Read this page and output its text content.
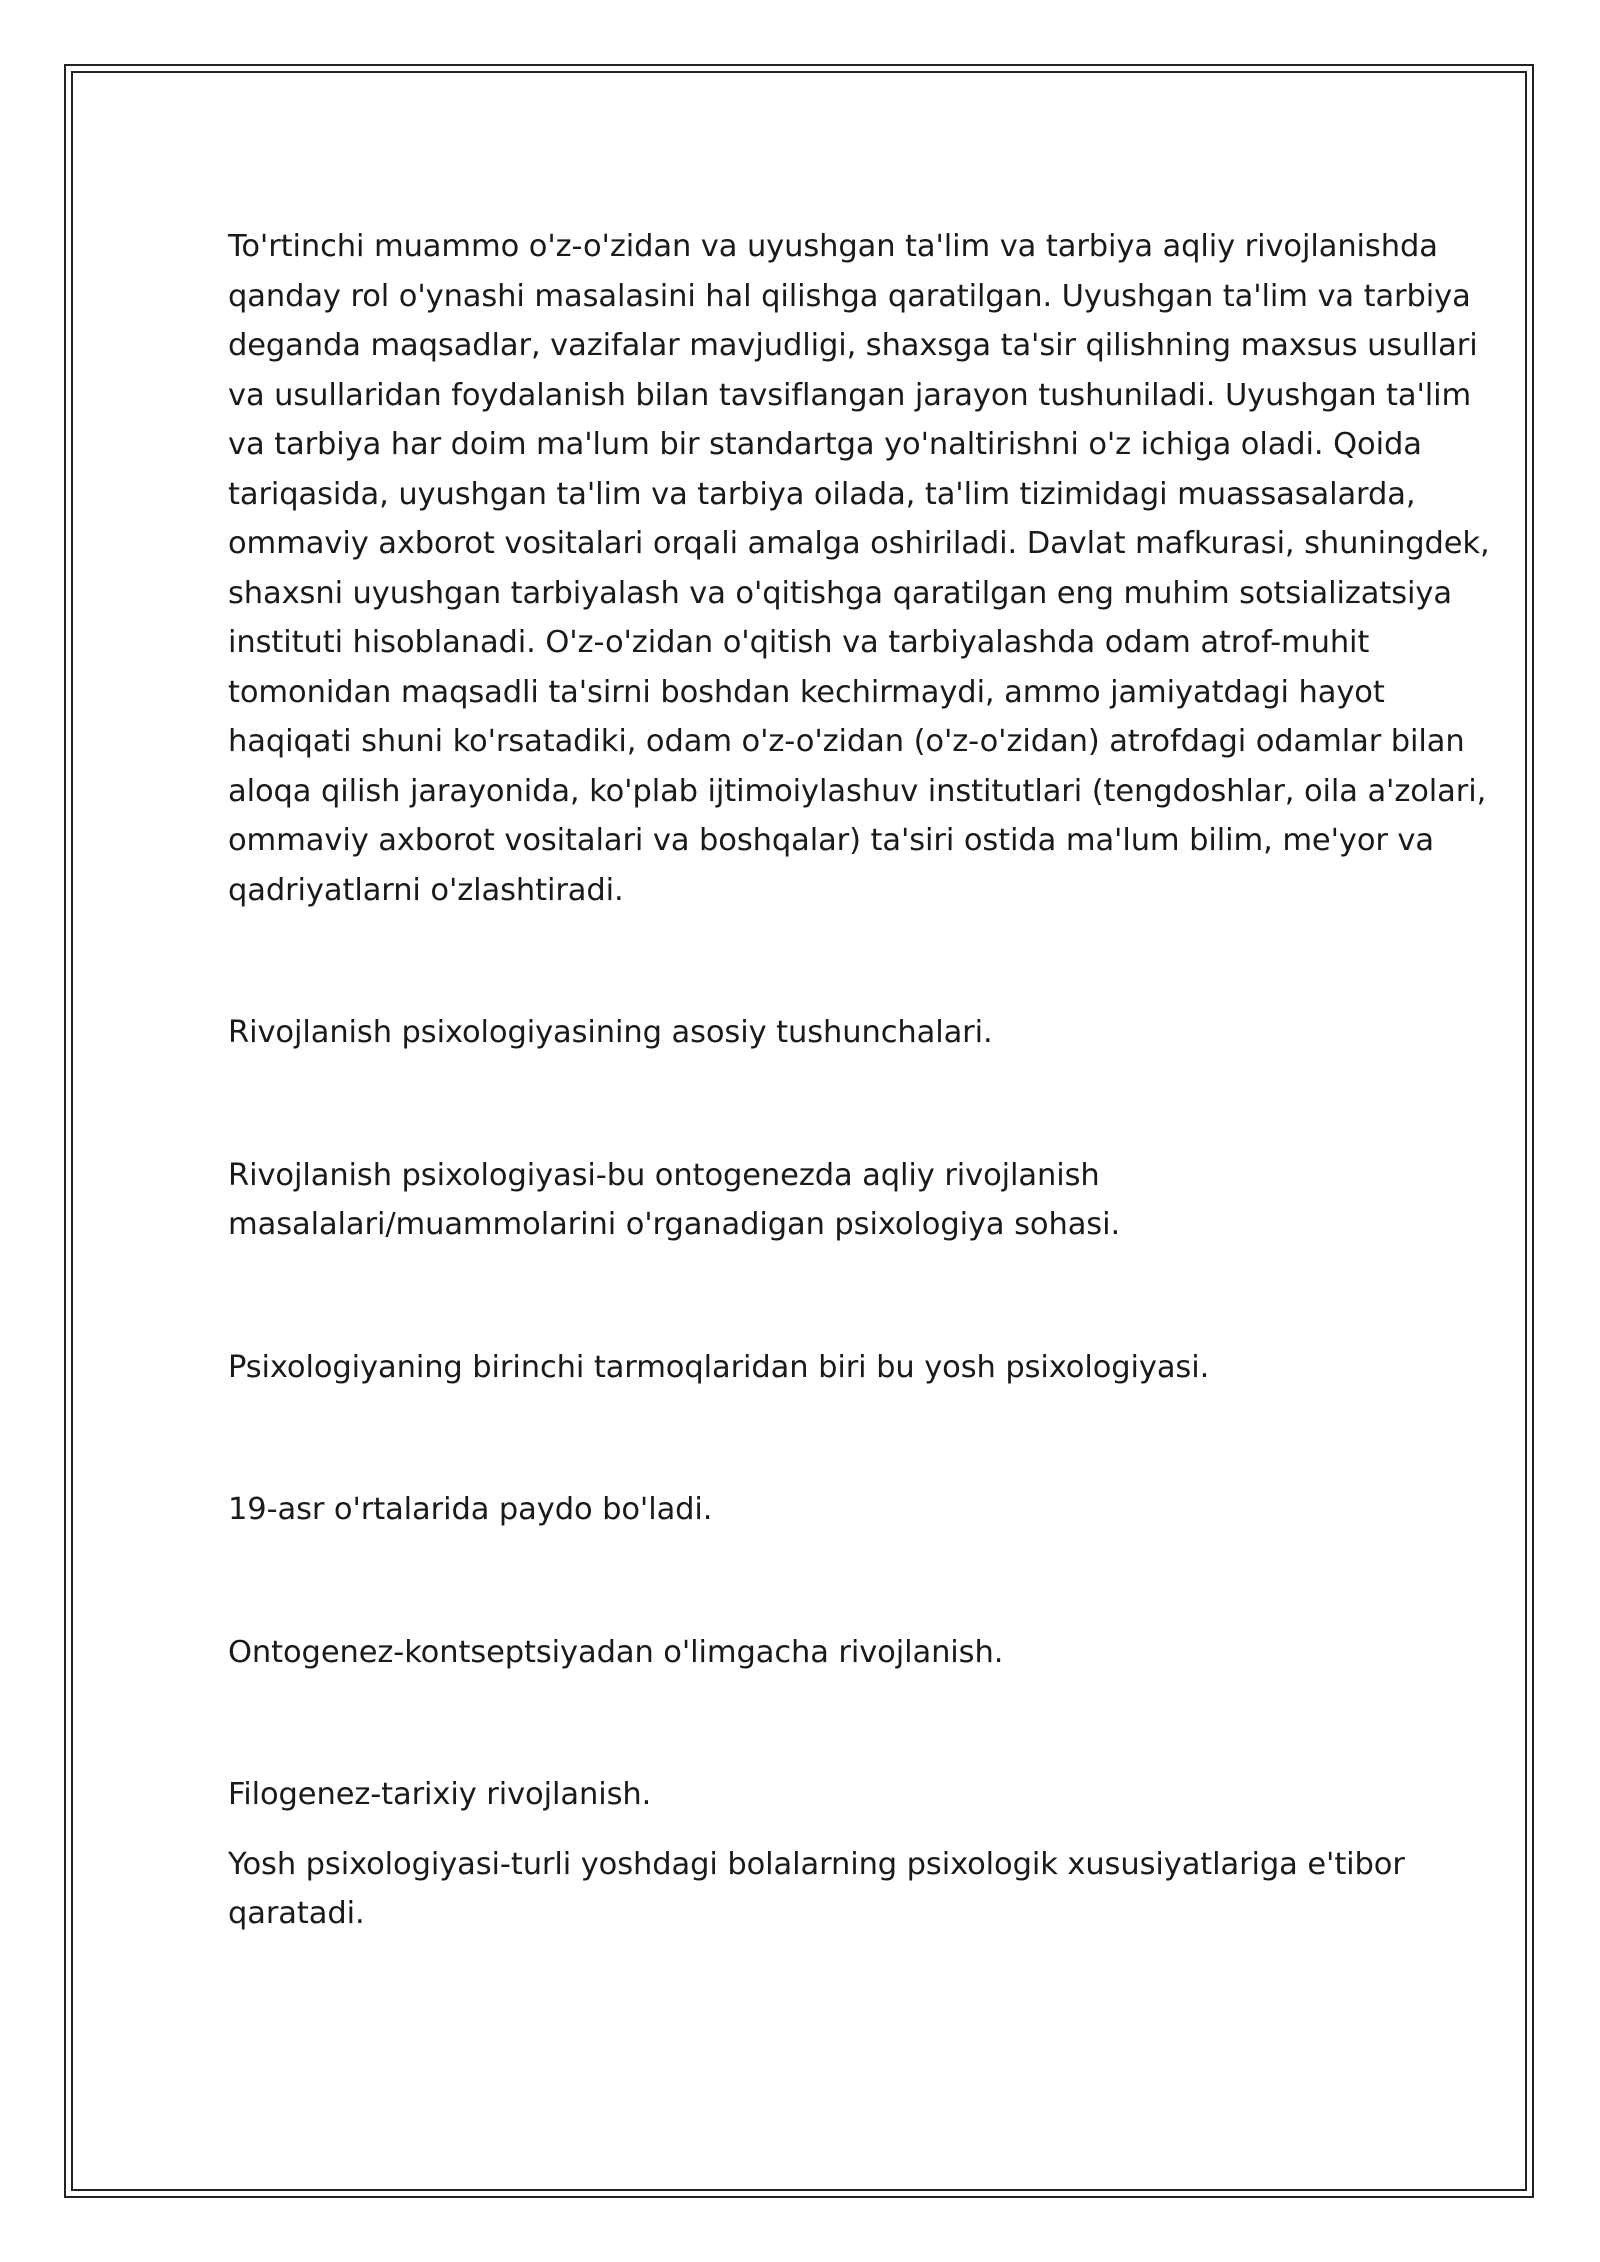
To'rtinchi muammo o'z-o'zidan va uyushgan ta'lim va tarbiya aqliy rivojlanishda qanday rol o'ynashi masalasini hal qilishga qaratilgan. Uyushgan ta'lim va tarbiya deganda maqsadlar, vazifalar mavjudligi, shaxsga ta'sir qilishning maxsus usullari va usullaridan foydalanish bilan tavsiflangan jarayon tushuniladi. Uyushgan ta'lim va tarbiya har doim ma'lum bir standartga yo'naltirishni o'z ichiga oladi. Qoida tariqasida, uyushgan ta'lim va tarbiya oilada, ta'lim tizimidagi muassasalarda, ommaviy axborot vositalari orqali amalga oshiriladi. Davlat mafkurasi, shuningdek, shaxsni uyushgan tarbiyalash va o'qitishga qaratilgan eng muhim sotsializatsiya instituti hisoblanadi. O'z-o'zidan o'qitish va tarbiyalashda odam atrof-muhit tomonidan maqsadli ta'sirni boshdan kechirmaydi, ammo jamiyatdagi hayot haqiqati shuni ko'rsatadiki, odam o'z-o'zidan (o'z-o'zidan) atrofdagi odamlar bilan aloqa qilish jarayonida, ko'plab ijtimoiylashuv institutlari (tengdoshlar, oila a'zolari, ommaviy axborot vositalari va boshqalar) ta'siri ostida ma'lum bilim, me'yor va qadriyatlarni o'zlashtiradi.

Rivojlanish psixologiyasining asosiy tushunchalari.

Rivojlanish psixologiyasi-bu ontogenezda aqliy rivojlanish masalalari/muammolarini o'rganadigan psixologiya sohasi.

Psixologiyaning birinchi tarmoqlaridan biri bu yosh psixologiyasi.

19-asr o'rtalarida paydo bo'ladi.

Ontogenez-kontseptsiyadan o'limgacha rivojlanish.

Filogenez-tarixiy rivojlanish.

Yosh psixologiyasi-turli yoshdagi bolalarning psixologik xususiyatlariga e'tibor qaratadi.
